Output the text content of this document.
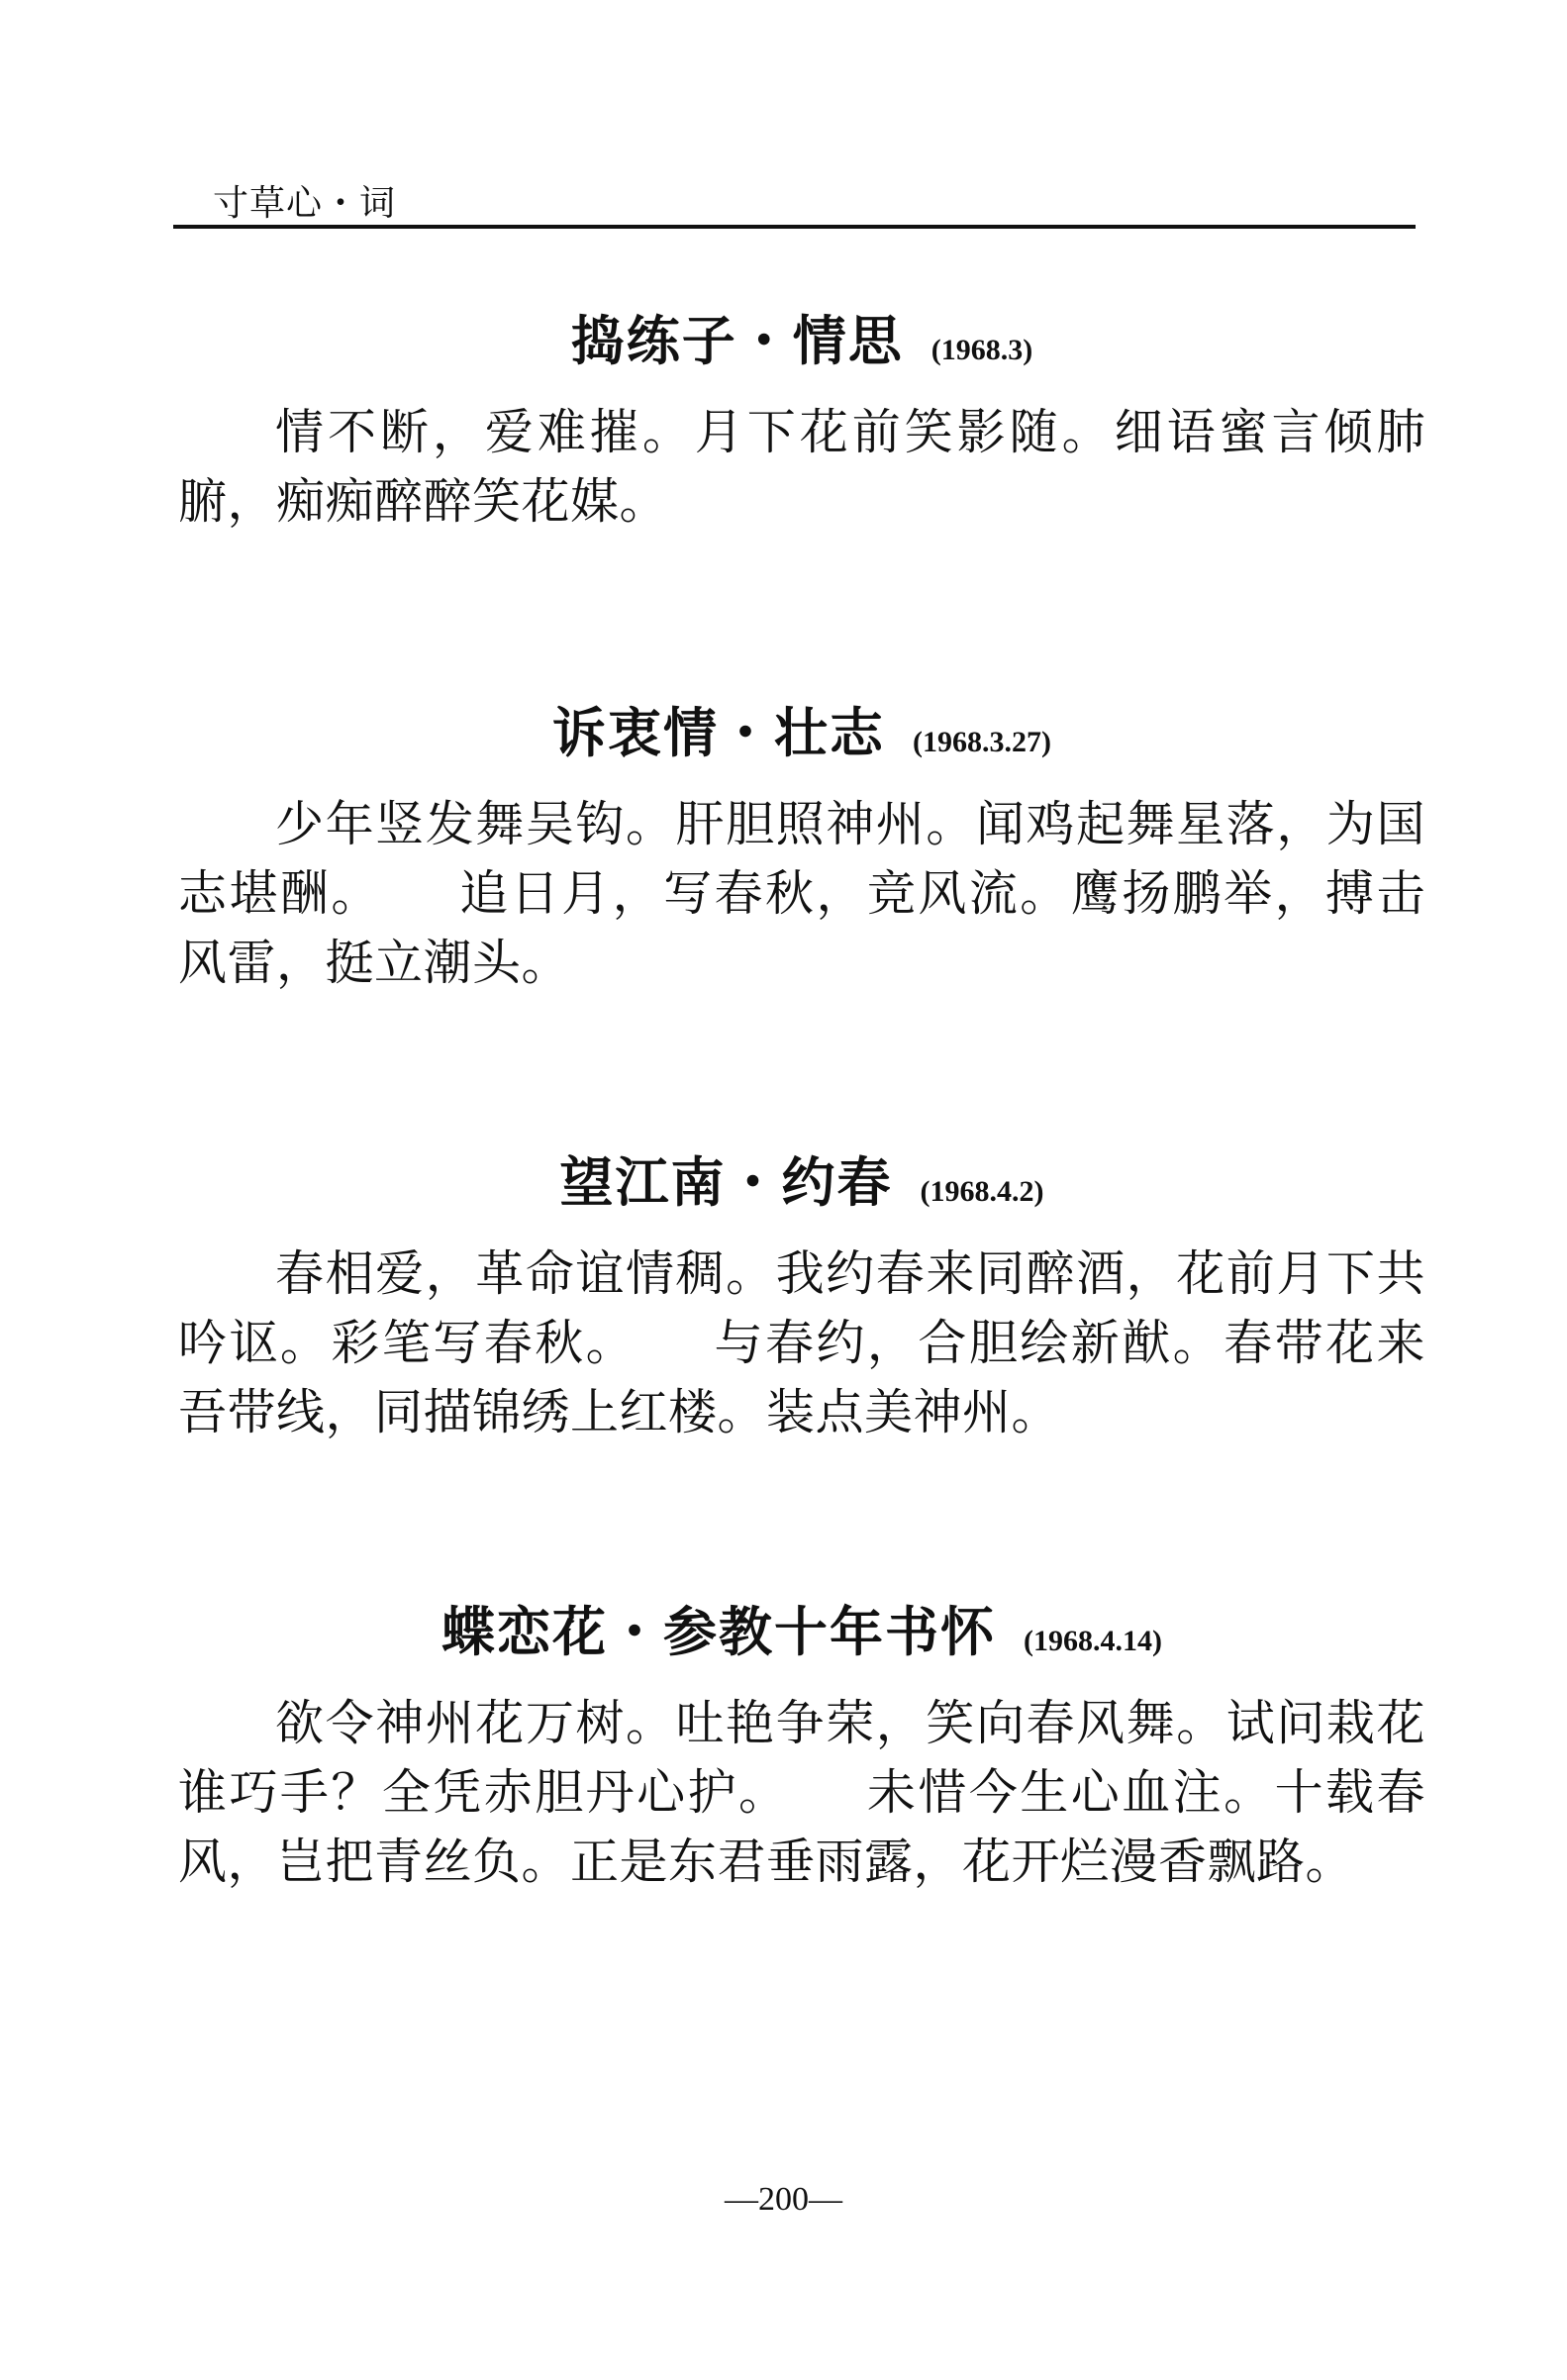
寸草心・词
捣练子・情思 (1968.3)
情不断，爱难摧。月下花前笑影随。细语蜜言倾肺腑，痴痴醉醉笑花媒。
诉衷情・壮志 (1968.3.27)
少年竖发舞吴钩。肝胆照神州。闻鸡起舞星落，为国志堪酬。　　追日月，写春秋，竞风流。鹰扬鹏举，搏击风雷，挺立潮头。
望江南・约春 (1968.4.2)
春相爱，革命谊情稠。我约春来同醉酒，花前月下共吟讴。彩笔写春秋。　　与春约，合胆绘新猷。春带花来吾带线，同描锦绣上红楼。装点美神州。
蝶恋花・参教十年书怀 (1968.4.14)
欲令神州花万树。吐艳争荣，笑向春风舞。试问栽花谁巧手？全凭赤胆丹心护。　　未惜今生心血注。十载春风，岂把青丝负。正是东君垂雨露，花开烂漫香飘路。
—200—
